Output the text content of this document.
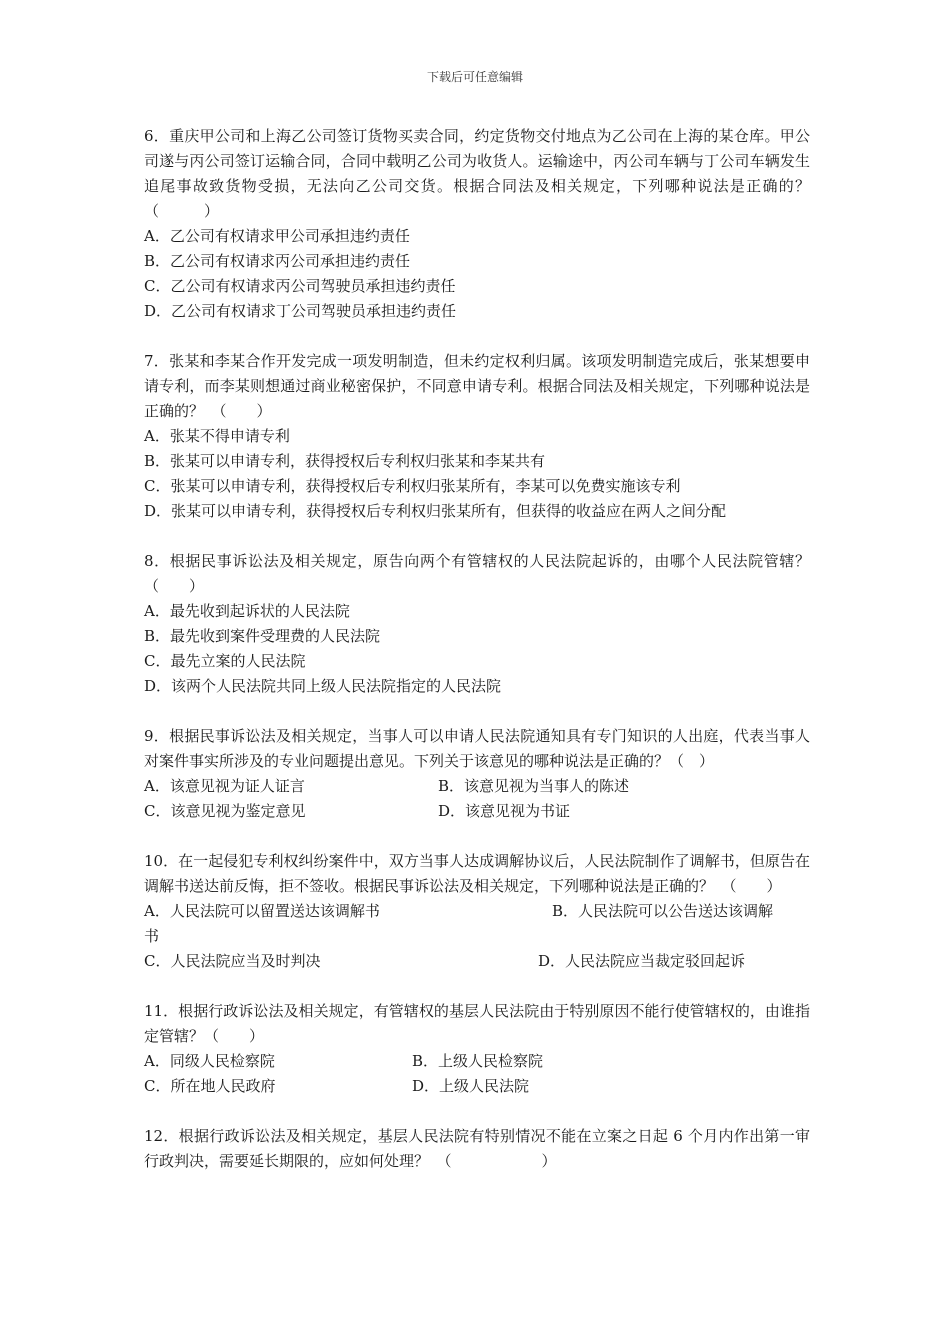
下载后可任意编辑

6．重庆甲公司和上海乙公司签订货物买卖合同，约定货物交付地点为乙公司在上海的某仓库。甲公司遂与丙公司签订运输合同，合同中载明乙公司为收货人。运输途中，丙公司车辆与丁公司车辆发生追尾事故致货物受损，无法向乙公司交货。根据合同法及相关规定，下列哪种说法是正确的？　（　　　）

A．乙公司有权请求甲公司承担违约责任

B．乙公司有权请求丙公司承担违约责任

C．乙公司有权请求丙公司驾驶员承担违约责任

D．乙公司有权请求丁公司驾驶员承担违约责任

7．张某和李某合作开发完成一项发明制造，但未约定权利归属。该项发明制造完成后，张某想要申请专利，而李某则想通过商业秘密保护，不同意申请专利。根据合同法及相关规定，下列哪种说法是正确的？　（　　）

A．张某不得申请专利

B．张某可以申请专利，获得授权后专利权归张某和李某共有

C．张某可以申请专利，获得授权后专利权归张某所有，李某可以免费实施该专利

D．张某可以申请专利，获得授权后专利权归张某所有，但获得的收益应在两人之间分配

8．根据民事诉讼法及相关规定，原告向两个有管辖权的人民法院起诉的，由哪个人民法院管辖？　（　　）

A．最先收到起诉状的人民法院

B．最先收到案件受理费的人民法院

C．最先立案的人民法院

D．该两个人民法院共同上级人民法院指定的人民法院

9．根据民事诉讼法及相关规定，当事人可以申请人民法院通知具有专门知识的人出庭，代表当事人对案件事实所涉及的专业问题提出意见。下列关于该意见的哪种说法是正确的？（　）

A．该意见视为证人证言	B．该意见视为当事人的陈述
C．该意见视为鉴定意见	D．该意见视为书证

10．在一起侵犯专利权纠纷案件中，双方当事人达成调解协议后，人民法院制作了调解书，但原告在调解书送达前反悔，拒不签收。根据民事诉讼法及相关规定，下列哪种说法是正确的？　（　　）

A．人民法院可以留置送达该调解书	B．人民法院可以公告送达该调解
书
C．人民法院应当及时判决	D．人民法院应当裁定驳回起诉

11．根据行政诉讼法及相关规定，有管辖权的基层人民法院由于特别原因不能行使管辖权的，由谁指定管辖？（　　）

A．同级人民检察院	B．上级人民检察院
C．所在地人民政府	D．上级人民法院

12．根据行政诉讼法及相关规定，基层人民法院有特别情况不能在立案之日起 6 个月内作出第一审行政判决，需要延长期限的，应如何处理？　（　　　　　　）
